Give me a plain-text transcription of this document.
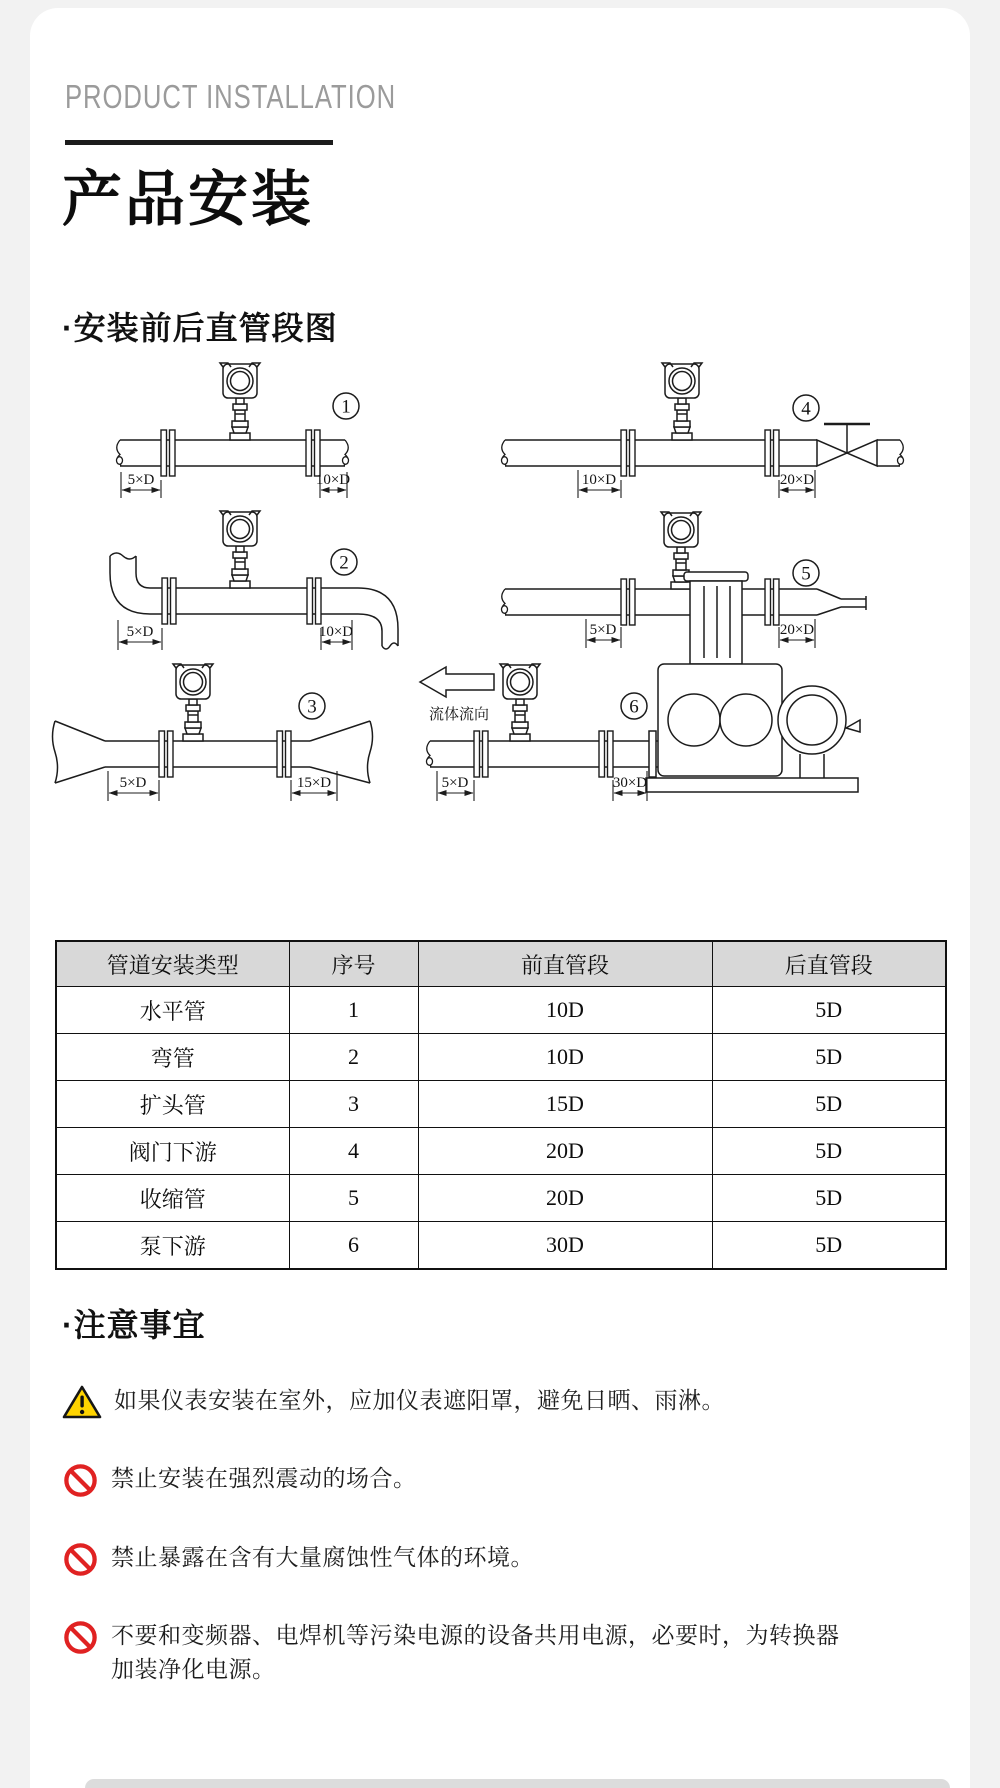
PRODUCT INSTALLATION
产品安装
·安装前后直管段图
1
5×D	10×D
4
10×D	20×D
2
5×D	10×D
5
5×D	20×D
流体流向
3
5×D	15×D
6
5×D	30×D
管道安装类型	序号	前直管段	后直管段
水平管	1	10D	5D
弯管	2	10D	5D
扩头管	3	15D	5D
阀门下游	4	20D	5D
收缩管	5	20D	5D
泵下游	6	30D	5D
·注意事宜
如果仪表安装在室外，应加仪表遮阳罩，避免日晒、雨淋。
禁止安装在强烈震动的场合。
禁止暴露在含有大量腐蚀性气体的环境。
不要和变频器、电焊机等污染电源的设备共用电源，必要时，为转换器加装净化电源。
